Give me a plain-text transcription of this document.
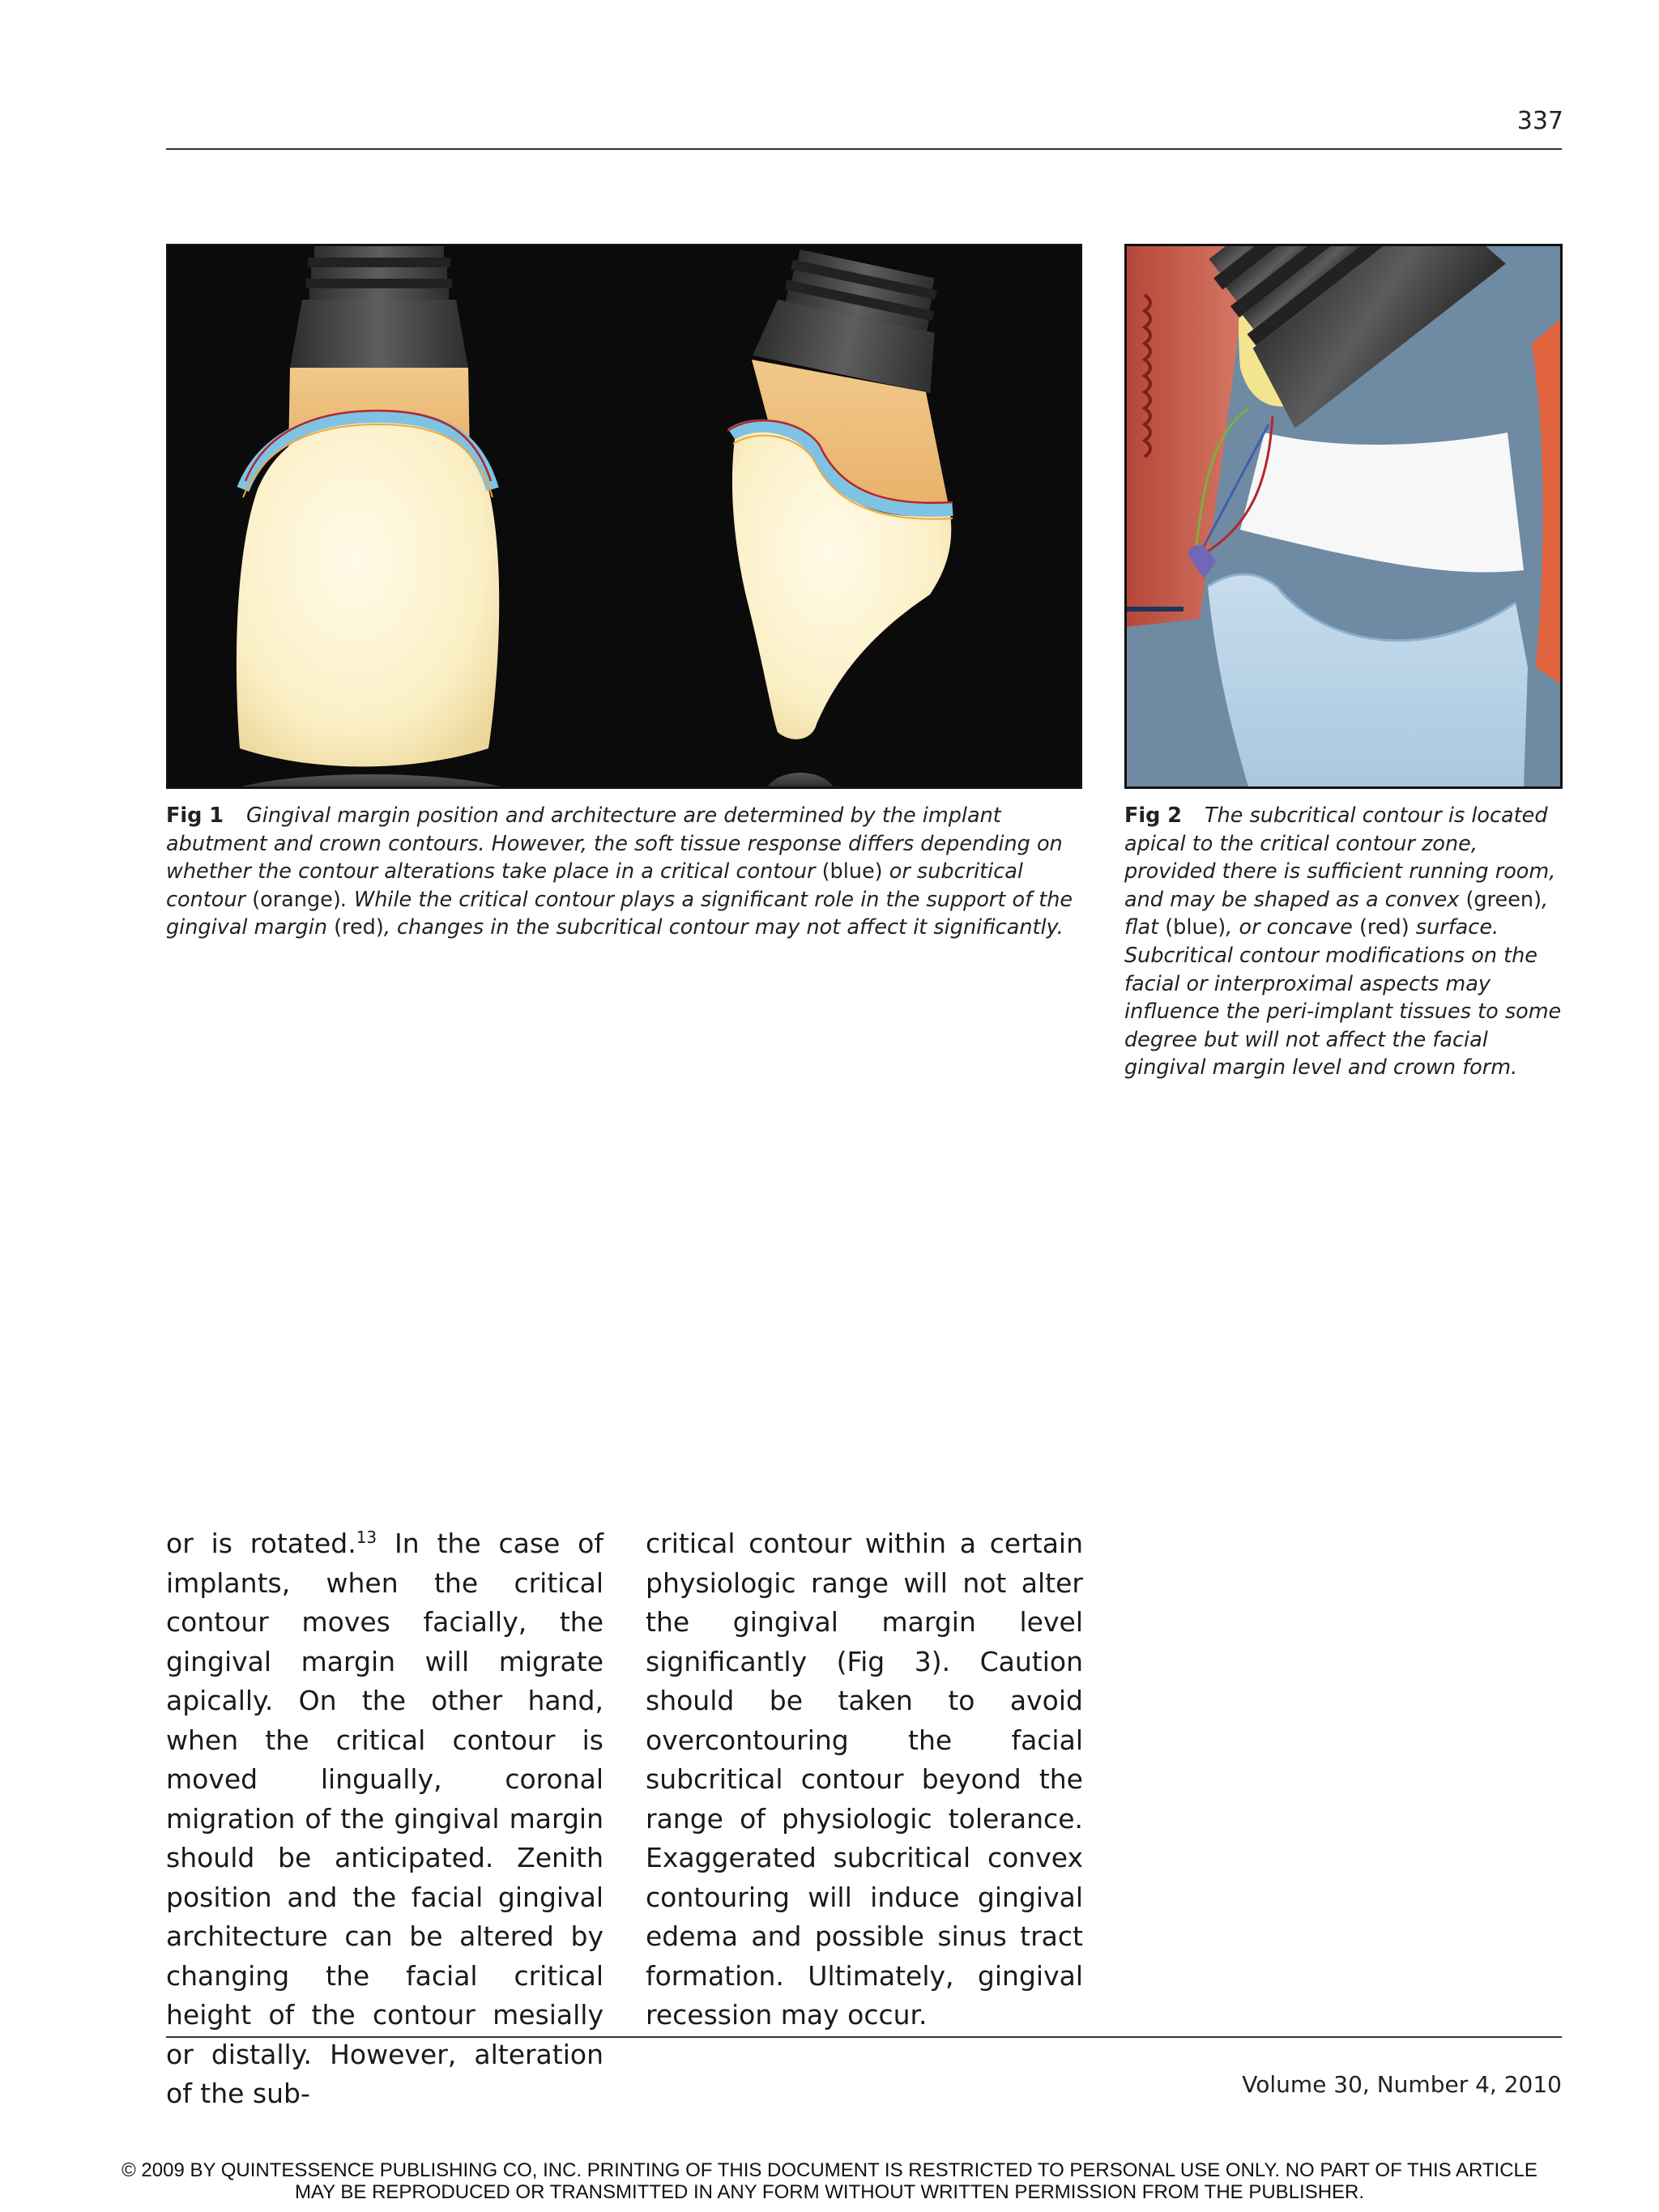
337
Fig 1 Gingival margin position and architecture are determined by the implant abutment and crown contours. However, the soft tissue response differs depending on whether the contour alterations take place in a critical contour (blue) or subcritical contour (orange). While the critical contour plays a significant role in the support of the gingival margin (red), changes in the subcritical contour may not affect it significantly.
Fig 2 The subcritical contour is located apical to the critical contour zone, provided there is sufficient running room, and may be shaped as a convex (green), flat (blue), or concave (red) surface. Subcritical contour modifications on the facial or interproximal aspects may influence the peri-implant tissues to some degree but will not affect the facial gingival margin level and crown form.
or is rotated.$^{13}$ In the case of implants, when the critical contour moves facially, the gingival margin will migrate apically. On the other hand, when the critical contour is moved lingually, coronal migration of the gingival margin should be anticipated. Zenith position and the facial gingival architecture can be altered by changing the facial critical height of the contour mesially or distally. However, alteration of the sub-
critical contour within a certain physiologic range will not alter the gingival margin level significantly (Fig 3). Caution should be taken to avoid overcontouring the facial subcritical contour beyond the range of physiologic tolerance. Exaggerated subcritical convex contouring will induce gingival edema and possible sinus tract formation. Ultimately, gingival recession may occur.
Volume 30, Number 4, 2010
© 2009 BY QUINTESSENCE PUBLISHING CO, INC. PRINTING OF THIS DOCUMENT IS RESTRICTED TO PERSONAL USE ONLY. NO PART OF THIS ARTICLE
MAY BE REPRODUCED OR TRANSMITTED IN ANY FORM WITHOUT WRITTEN PERMISSION FROM THE PUBLISHER.
